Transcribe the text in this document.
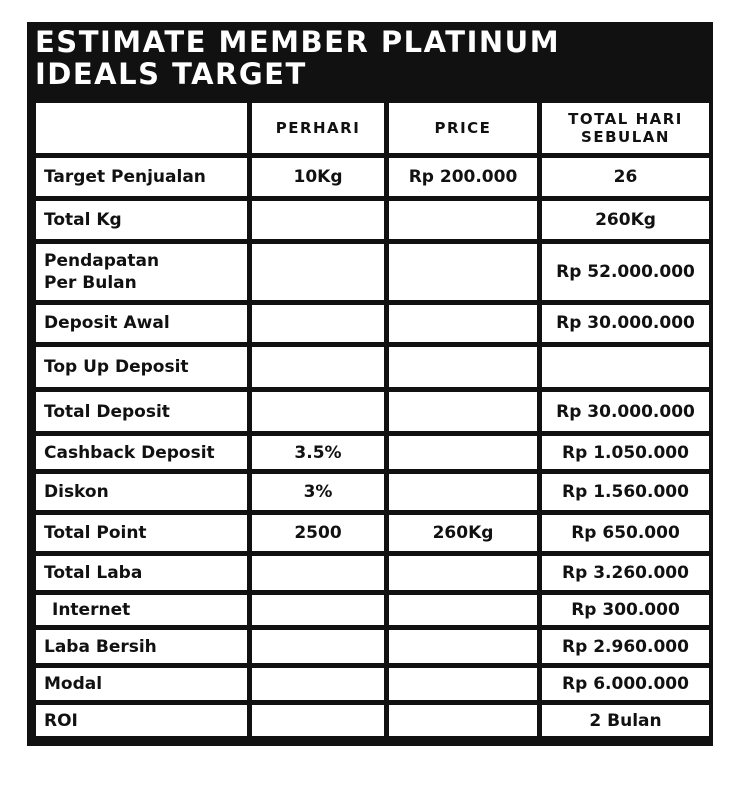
ESTIMATE MEMBER PLATINUM
IDEALS TARGET
	PERHARI	PRICE	TOTAL HARI
SEBULAN
Target Penjualan	10Kg	Rp 200.000	26
Total Kg			260Kg
Pendapatan
Per Bulan			Rp 52.000.000
Deposit Awal			Rp 30.000.000
Top Up Deposit			
Total Deposit			Rp 30.000.000
Cashback Deposit	3.5%		Rp 1.050.000
Diskon	3%		Rp 1.560.000
Total Point	2500	260Kg	Rp 650.000
Total Laba			Rp 3.260.000
Internet			Rp 300.000
Laba Bersih			Rp 2.960.000
Modal			Rp 6.000.000
ROI			2 Bulan
